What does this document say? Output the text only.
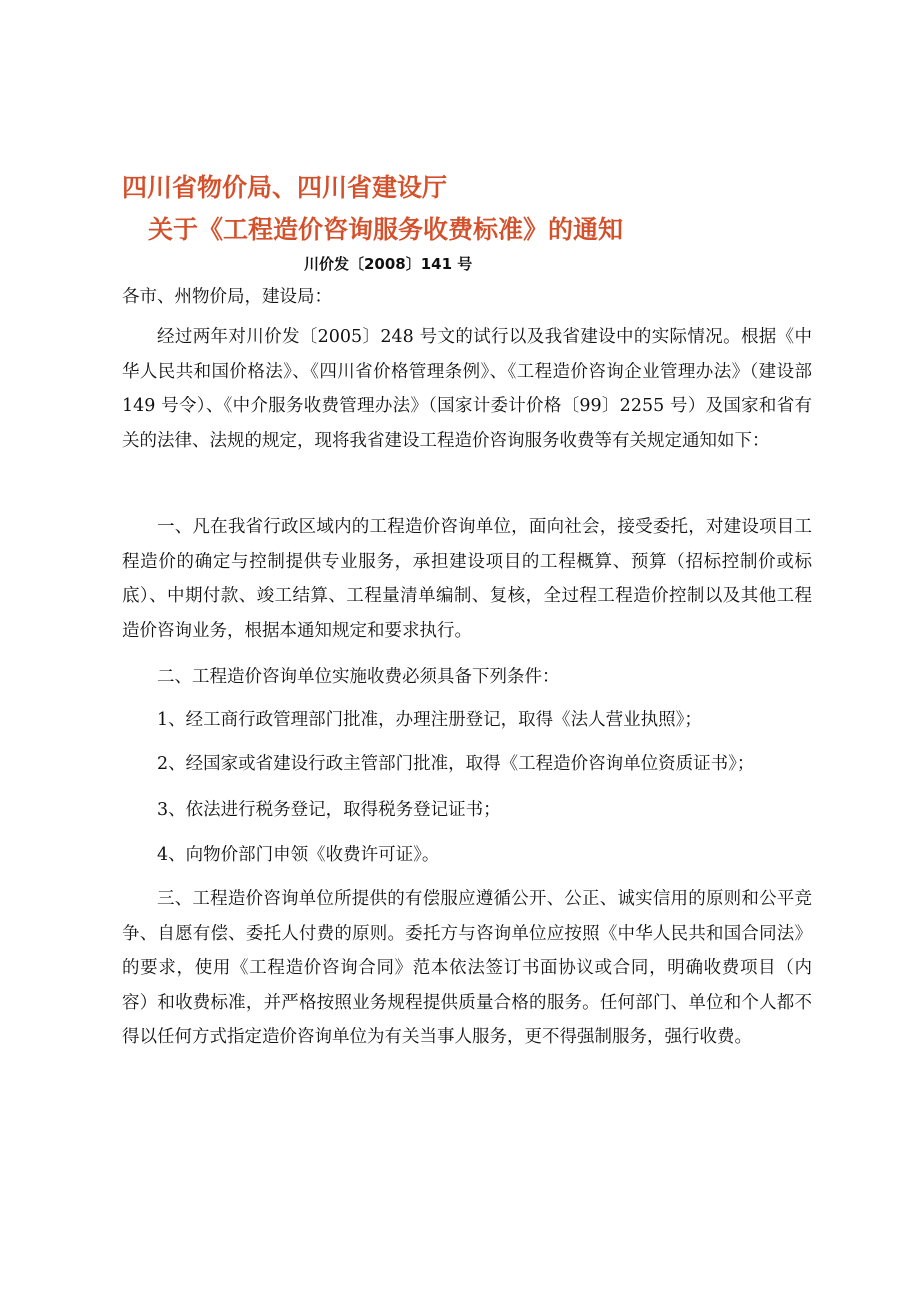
四川省物价局、四川省建设厅
关于《工程造价咨询服务收费标准》的通知
川价发〔2008〕141 号

各市、州物价局，建设局：

经过两年对川价发〔2005〕248 号文的试行以及我省建设中的实际情况。根据《中华人民共和国价格法》、《四川省价格管理条例》、《工程造价咨询企业管理办法》（建设部 149 号令）、《中介服务收费管理办法》（国家计委计价格〔99〕2255 号）及国家和省有关的法律、法规的规定，现将我省建设工程造价咨询服务收费等有关规定通知如下：

一、凡在我省行政区域内的工程造价咨询单位，面向社会，接受委托，对建设项目工程造价的确定与控制提供专业服务，承担建设项目的工程概算、预算（招标控制价或标底）、中期付款、竣工结算、工程量清单编制、复核，全过程工程造价控制以及其他工程造价咨询业务，根据本通知规定和要求执行。

二、工程造价咨询单位实施收费必须具备下列条件：

1、经工商行政管理部门批准，办理注册登记，取得《法人营业执照》；

2、经国家或省建设行政主管部门批准，取得《工程造价咨询单位资质证书》；

3、依法进行税务登记，取得税务登记证书；

4、向物价部门申领《收费许可证》。

三、工程造价咨询单位所提供的有偿服应遵循公开、公正、诚实信用的原则和公平竞争、自愿有偿、委托人付费的原则。委托方与咨询单位应按照《中华人民共和国合同法》的要求，使用《工程造价咨询合同》范本依法签订书面协议或合同，明确收费项目（内容）和收费标准，并严格按照业务规程提供质量合格的服务。任何部门、单位和个人都不得以任何方式指定造价咨询单位为有关当事人服务，更不得强制服务，强行收费。
